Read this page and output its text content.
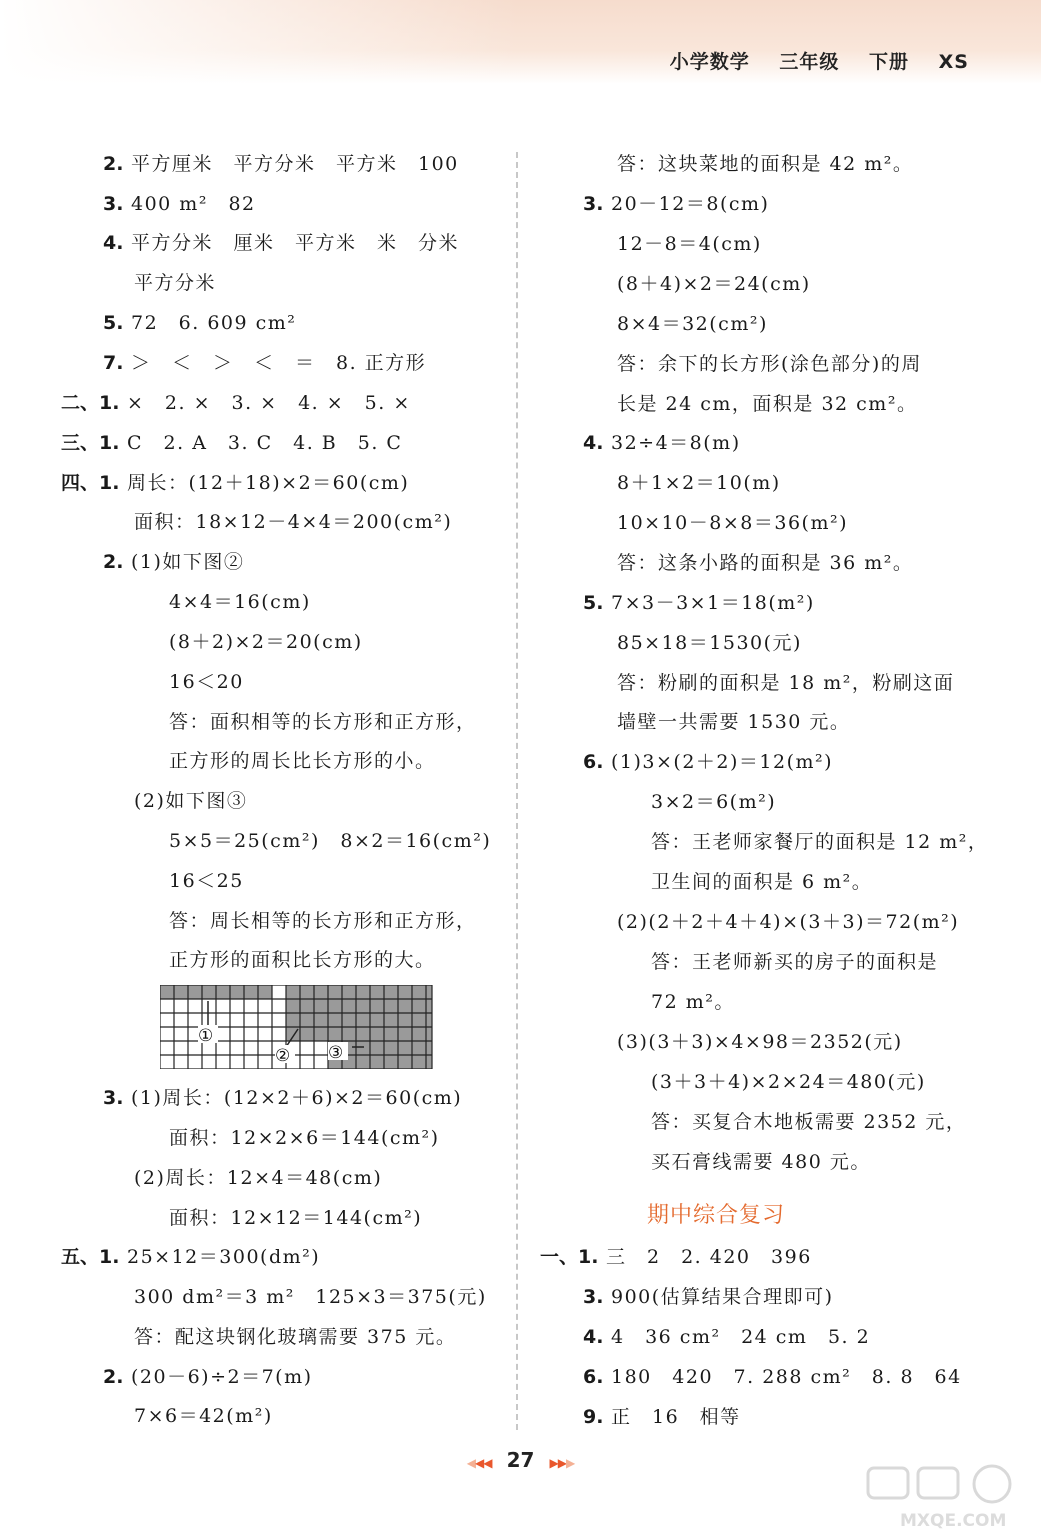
小学数学 三年级 下册 XS
2. 平方厘米　平方分米　平方米　100
3. 400 m²　82
4. 平方分米　厘米　平方米　米　分米
平方分米
5. 72　6. 609 cm²
7. ＞　＜　＞　＜　＝　8. 正方形
二、1. ×　2. ×　3. ×　4. ×　5. ×
三、1. C　2. A　3. C　4. B　5. C
四、1. 周长：(12＋18)×2＝60(cm)
面积：18×12－4×4＝200(cm²)
2. (1)如下图②
4×4＝16(cm)
(8＋2)×2＝20(cm)
16＜20
答：面积相等的长方形和正方形，
正方形的周长比长方形的小。
(2)如下图③
5×5＝25(cm²)　8×2＝16(cm²)
16＜25
答：周长相等的长方形和正方形，
正方形的面积比长方形的大。
①
② ③
3. (1)周长：(12×2＋6)×2＝60(cm)
面积：12×2×6＝144(cm²)
(2)周长：12×4＝48(cm)
面积：12×12＝144(cm²)
五、1. 25×12＝300(dm²)
300 dm²＝3 m²　125×3＝375(元)
答：配这块钢化玻璃需要 375 元。
2. (20－6)÷2＝7(m)
7×6＝42(m²)
答：这块菜地的面积是 42 m²。
3. 20－12＝8(cm)
12－8＝4(cm)
(8＋4)×2＝24(cm)
8×4＝32(cm²)
答：余下的长方形(涂色部分)的周
长是 24 cm，面积是 32 cm²。
4. 32÷4＝8(m)
8＋1×2＝10(m)
10×10－8×8＝36(m²)
答：这条小路的面积是 36 m²。
5. 7×3－3×1＝18(m²)
85×18＝1530(元)
答：粉刷的面积是 18 m²，粉刷这面
墙壁一共需要 1530 元。
6. (1)3×(2＋2)＝12(m²)
3×2＝6(m²)
答：王老师家餐厅的面积是 12 m²，
卫生间的面积是 6 m²。
(2)(2＋2＋4＋4)×(3＋3)＝72(m²)
答：王老师新买的房子的面积是
72 m²。
(3)(3＋3)×4×98＝2352(元)
(3＋3＋4)×2×24＝480(元)
答：买复合木地板需要 2352 元，
买石膏线需要 480 元。
期中综合复习
一、1. 三　2　2. 420　396
3. 900(估算结果合理即可)
4. 4　36 cm²　24 cm　5. 2
6. 180　420　7. 288 cm²　8. 8　64
9. 正　16　相等
◀◀◀ 27 ▶▶▶
MXQE.COM
